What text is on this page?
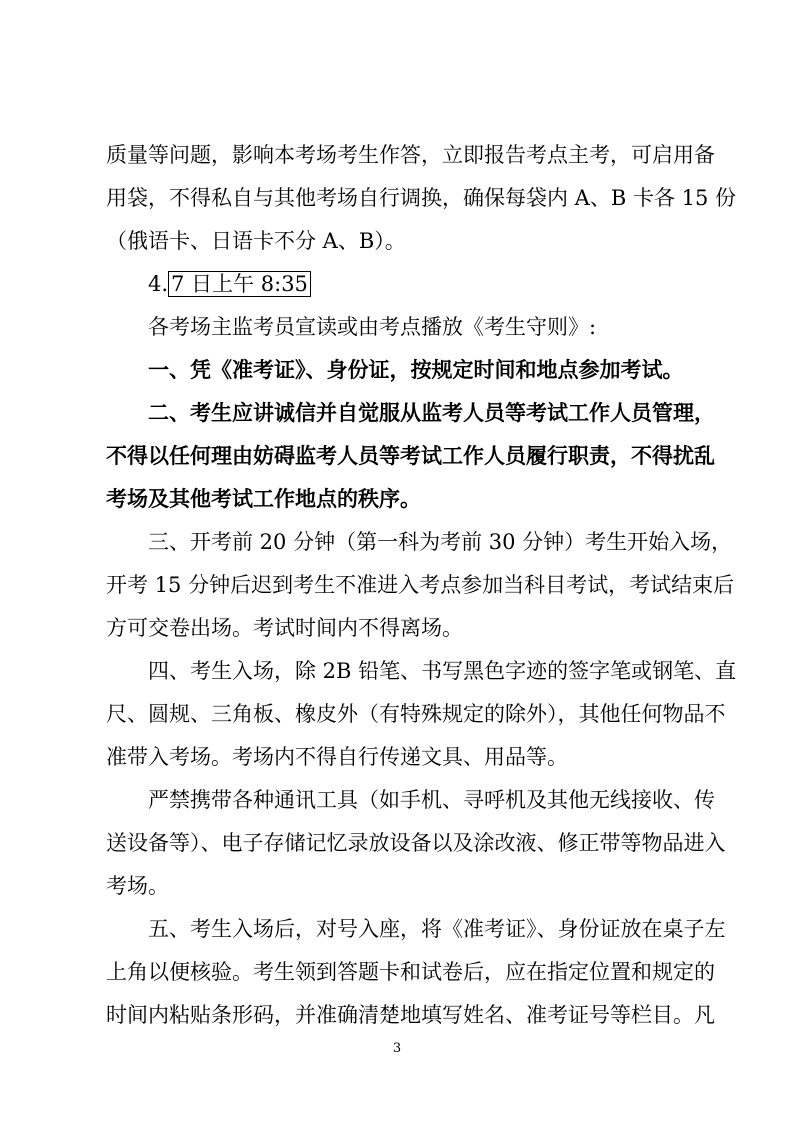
质量等问题，影响本考场考生作答，立即报告考点主考，可启用备
用袋，不得私自与其他考场自行调换，确保每袋内 A、B 卡各 15 份
（俄语卡、日语卡不分 A、B）。
4. 7 日上午 8:35
各考场主监考员宣读或由考点播放《考生守则》:
一、凭《准考证》、身份证，按规定时间和地点参加考试。
二、考生应讲诚信并自觉服从监考人员等考试工作人员管理，
不得以任何理由妨碍监考人员等考试工作人员履行职责，不得扰乱
考场及其他考试工作地点的秩序。
三、开考前 20 分钟（第一科为考前 30 分钟）考生开始入场，
开考 15 分钟后迟到考生不准进入考点参加当科目考试，考试结束后
方可交卷出场。考试时间内不得离场。
四、考生入场，除 2B 铅笔、书写黑色字迹的签字笔或钢笔、直
尺、圆规、三角板、橡皮外（有特殊规定的除外），其他任何物品不
准带入考场。考场内不得自行传递文具、用品等。
严禁携带各种通讯工具（如手机、寻呼机及其他无线接收、传
送设备等）、电子存储记忆录放设备以及涂改液、修正带等物品进入
考场。
五、考生入场后，对号入座，将《准考证》、身份证放在桌子左
上角以便核验。考生领到答题卡和试卷后，应在指定位置和规定的
时间内粘贴条形码，并准确清楚地填写姓名、准考证号等栏目。凡
3
